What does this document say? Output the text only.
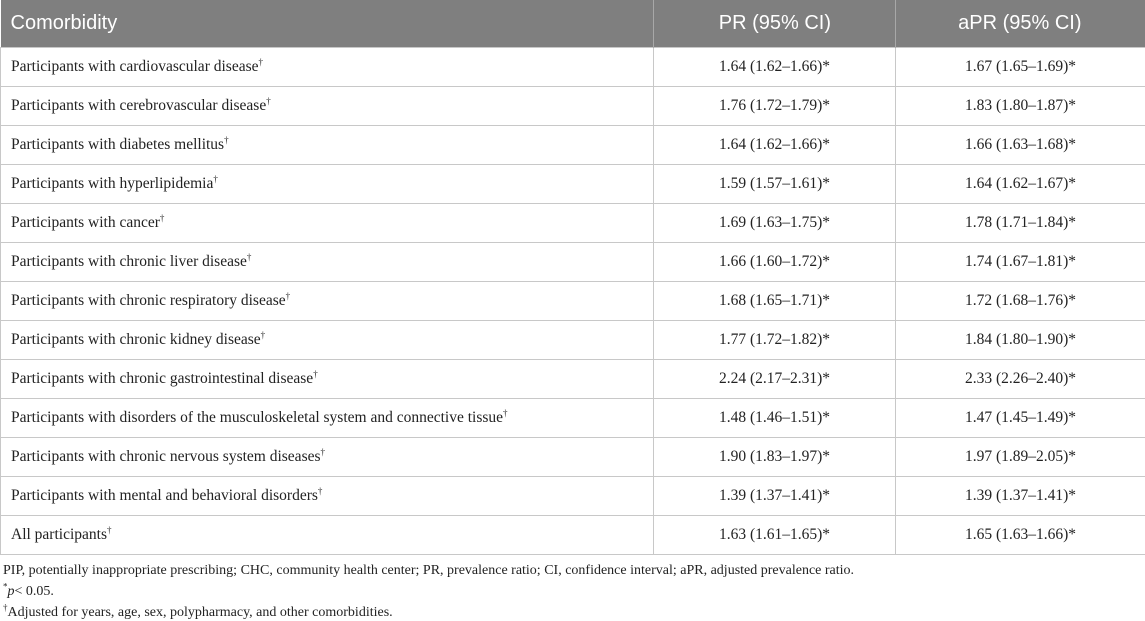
Comorbidity	PR (95% CI)	aPR (95% CI)
Participants with cardiovascular disease†	1.64 (1.62–1.66)*	1.67 (1.65–1.69)*
Participants with cerebrovascular disease†	1.76 (1.72–1.79)*	1.83 (1.80–1.87)*
Participants with diabetes mellitus†	1.64 (1.62–1.66)*	1.66 (1.63–1.68)*
Participants with hyperlipidemia†	1.59 (1.57–1.61)*	1.64 (1.62–1.67)*
Participants with cancer†	1.69 (1.63–1.75)*	1.78 (1.71–1.84)*
Participants with chronic liver disease†	1.66 (1.60–1.72)*	1.74 (1.67–1.81)*
Participants with chronic respiratory disease†	1.68 (1.65–1.71)*	1.72 (1.68–1.76)*
Participants with chronic kidney disease†	1.77 (1.72–1.82)*	1.84 (1.80–1.90)*
Participants with chronic gastrointestinal disease†	2.24 (2.17–2.31)*	2.33 (2.26–2.40)*
Participants with disorders of the musculoskeletal system and connective tissue†	1.48 (1.46–1.51)*	1.47 (1.45–1.49)*
Participants with chronic nervous system diseases†	1.90 (1.83–1.97)*	1.97 (1.89–2.05)*
Participants with mental and behavioral disorders†	1.39 (1.37–1.41)*	1.39 (1.37–1.41)*
All participants†	1.63 (1.61–1.65)*	1.65 (1.63–1.66)*

PIP, potentially inappropriate prescribing; CHC, community health center; PR, prevalence ratio; CI, confidence interval; aPR, adjusted prevalence ratio.

*p< 0.05.

†Adjusted for years, age, sex, polypharmacy, and other comorbidities.
